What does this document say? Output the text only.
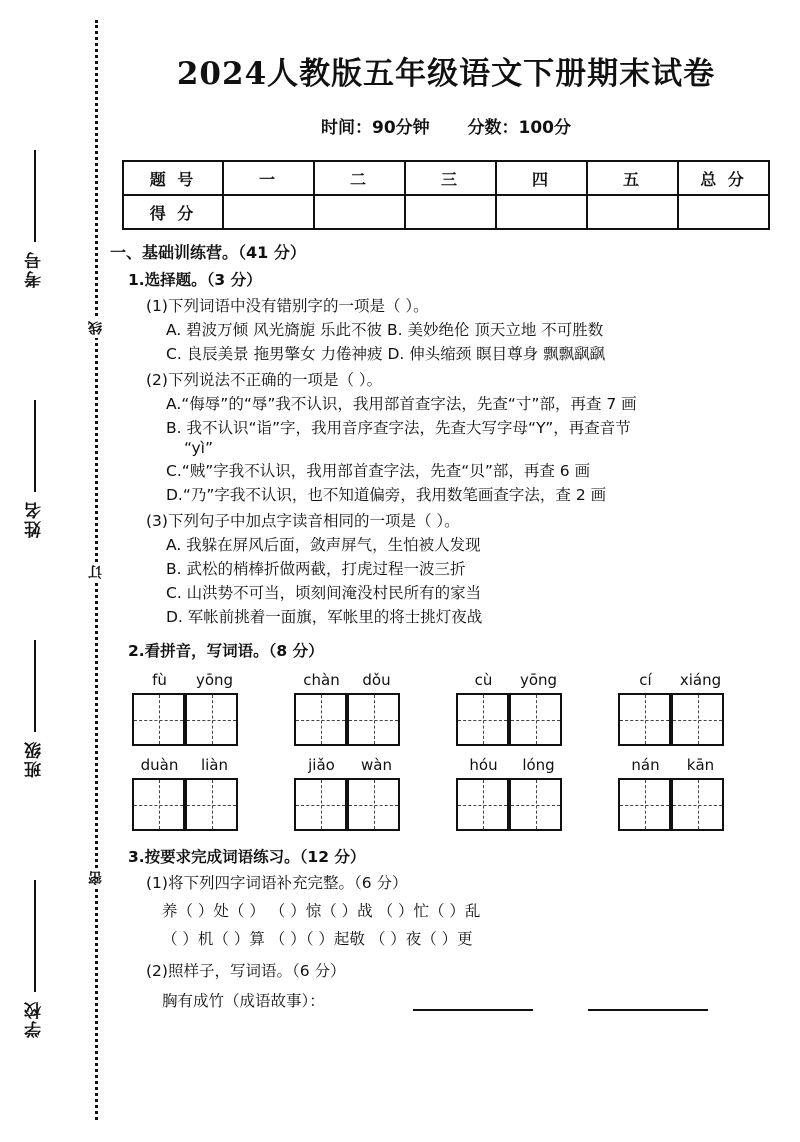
考号
姓名
班级
学校
密
订
线
2024人教版五年级语文下册期末试卷
时间：90分钟 分数：100分
题 号	一	二	三	四	五	总 分
得 分						
一、基础训练营。（41 分）
1.选择题。（3 分）
(1)下列词语中没有错别字的一项是（ ）。
A. 碧波万倾 风光旖旎 乐此不彼 B. 美妙绝伦 顶天立地 不可胜数
C. 良辰美景 拖男擎女 力倦神疲 D. 伸头缩颈 瞑目尊身 飘飘飖飖
(2)下列说法不正确的一项是（ ）。
A.“侮辱”的“辱”我不认识，我用部首查字法，先查“寸”部，再查 7 画
B. 我不认识“诣”字，我用音序查字法，先查大写字母“Y”，再查音节
“yì”
C.“贼”字我不认识，我用部首查字法，先查“贝”部，再查 6 画
D.“乃”字我不认识，也不知道偏旁，我用数笔画查字法，查 2 画
(3)下列句子中加点字读音相同的一项是（ ）。
A. 我躲在屏风后面，敛声屏气，生怕被人发现
B. 武松的梢棒折做两截，打虎过程一波三折
C. 山洪势不可当，顷刻间淹没村民所有的家当
D. 军帐前挑着一面旗，军帐里的将士挑灯夜战
2.看拼音，写词语。（8 分）
fù	yōng	chàn	dǒu	cù	yōng	cí	xiáng
duàn	liàn	jiǎo	wàn	hóu	lóng	nán	kān
3.按要求完成词语练习。（12 分）
(1)将下列四字词语补充完整。（6 分）
养（ ）处（ ） （ ）惊（ ）战 （ ）忙（ ）乱
（ ）机（ ）算 （ ）（ ）起敬 （ ）夜（ ）更
(2)照样子，写词语。（6 分）
胸有成竹（成语故事）：
